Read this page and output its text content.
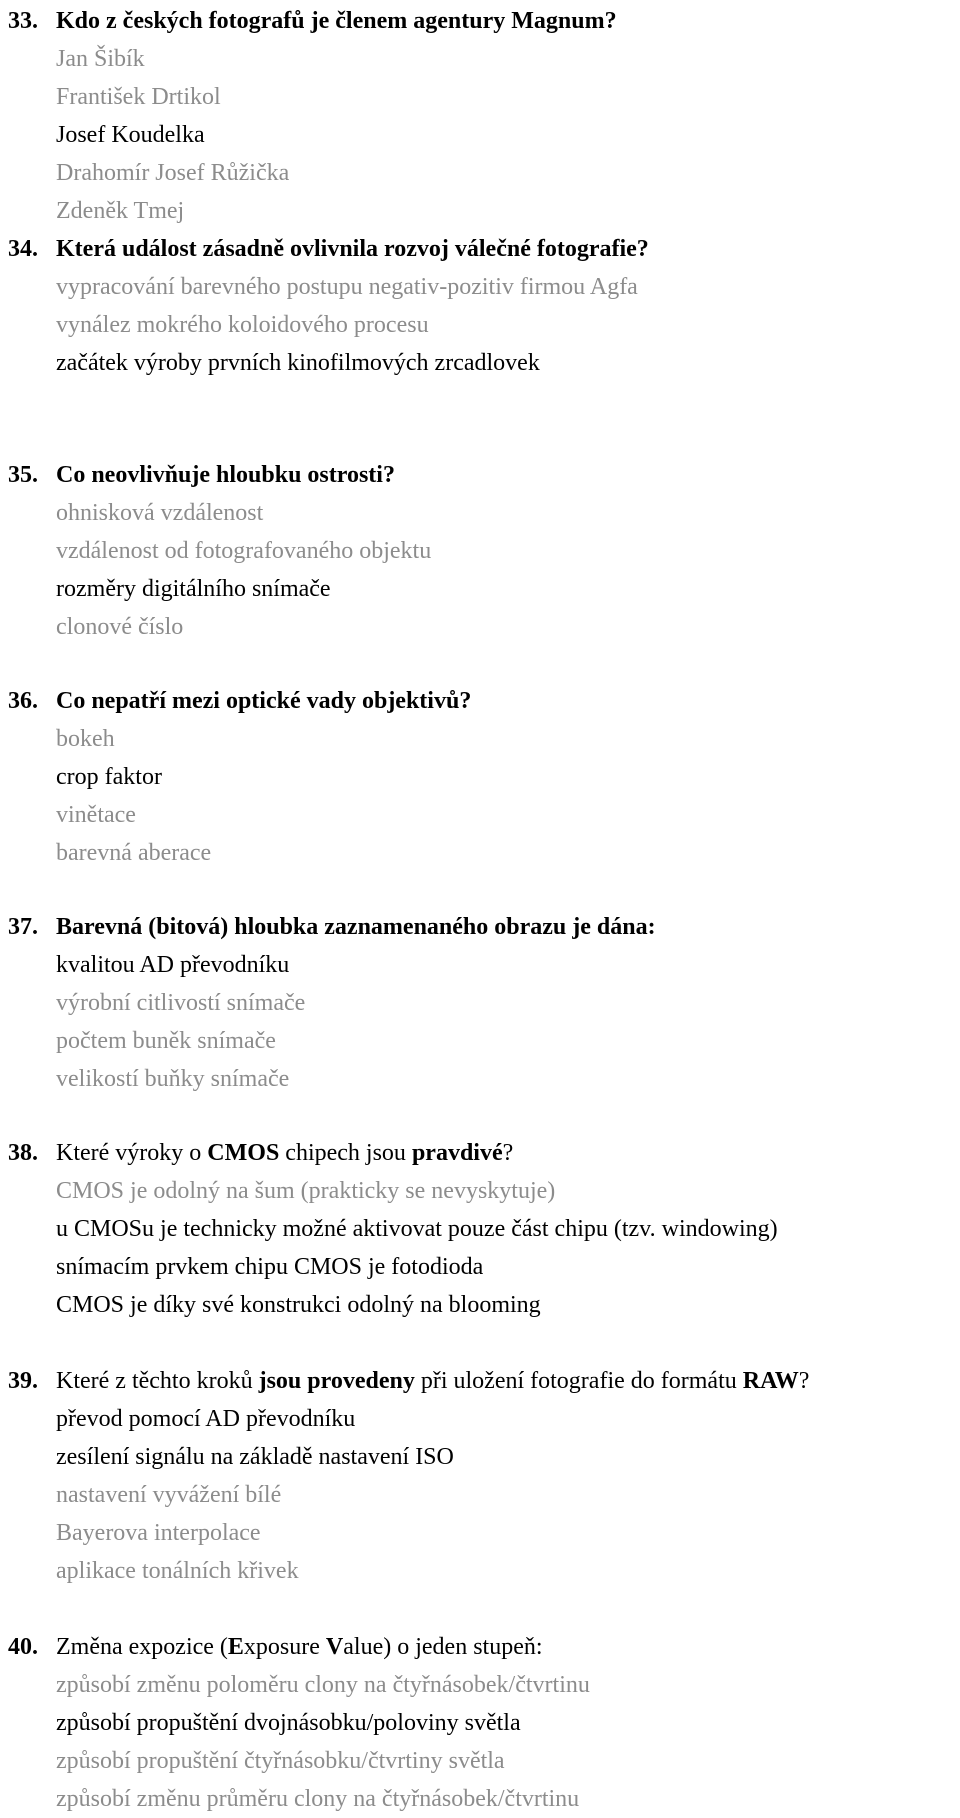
33. Kdo z českých fotografů je členem agentury Magnum?
Jan Šibík
František Drtikol
Josef Koudelka
Drahomír Josef Růžička
Zdeněk Tmej
34. Která událost zásadně ovlivnila rozvoj válečné fotografie?
vypracování barevného postupu negativ-pozitiv firmou Agfa
vynález mokrého koloidového procesu
začátek výroby prvních kinofilmových zrcadlovek
35. Co neovlivňuje hloubku ostrosti?
ohnisková vzdálenost
vzdálenost od fotografovaného objektu
rozměry digitálního snímače
clonové číslo
36. Co nepatří mezi optické vady objektivů?
bokeh
crop faktor
vinětace
barevná aberace
37. Barevná (bitová) hloubka zaznamenaného obrazu je dána:
kvalitou AD převodníku
výrobní citlivostí snímače
počtem buněk snímače
velikostí buňky snímače
38. Které výroky o CMOS chipech jsou pravdivé?
CMOS je odolný na šum (prakticky se nevyskytuje)
u CMOSu je technicky možné aktivovat pouze část chipu (tzv. windowing)
snímacím prvkem chipu CMOS je fotodioda
CMOS je díky své konstrukci odolný na blooming
39. Které z těchto kroků jsou provedeny při uložení fotografie do formátu RAW?
převod pomocí AD převodníku
zesílení signálu na základě nastavení ISO
nastavení vyvážení bílé
Bayerova interpolace
aplikace tonálních křivek
40. Změna expozice (Exposure Value) o jeden stupeň:
způsobí změnu poloměru clony na čtyřnásobek/čtvrtinu
způsobí propuštění dvojnásobku/poloviny světla
způsobí propuštění čtyřnásobku/čtvrtiny světla
způsobí změnu průměru clony na čtyřnásobek/čtvrtinu
